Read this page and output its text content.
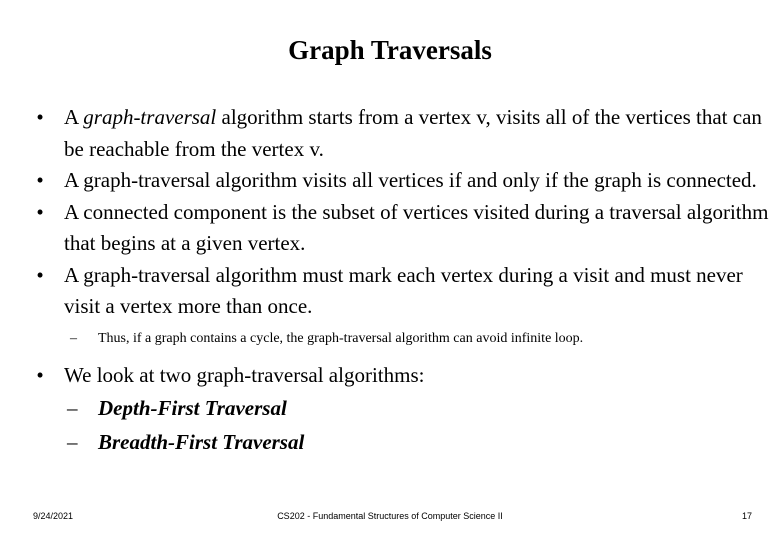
Graph Traversals
• A graph-traversal algorithm starts from a vertex v, visits all of the vertices that can be reachable from the vertex v.
• A graph-traversal algorithm visits all vertices if and only if the graph is connected.
• A connected component is the subset of vertices visited during a traversal algorithm that begins at a given vertex.
• A graph-traversal algorithm must mark each vertex during a visit and must never visit a vertex more than once.
– Thus, if a graph contains a cycle, the graph-traversal algorithm can avoid infinite loop.
• We look at two graph-traversal algorithms:
– Depth-First Traversal
– Breadth-First Traversal
9/24/2021	CS202 - Fundamental Structures of Computer Science II	17
